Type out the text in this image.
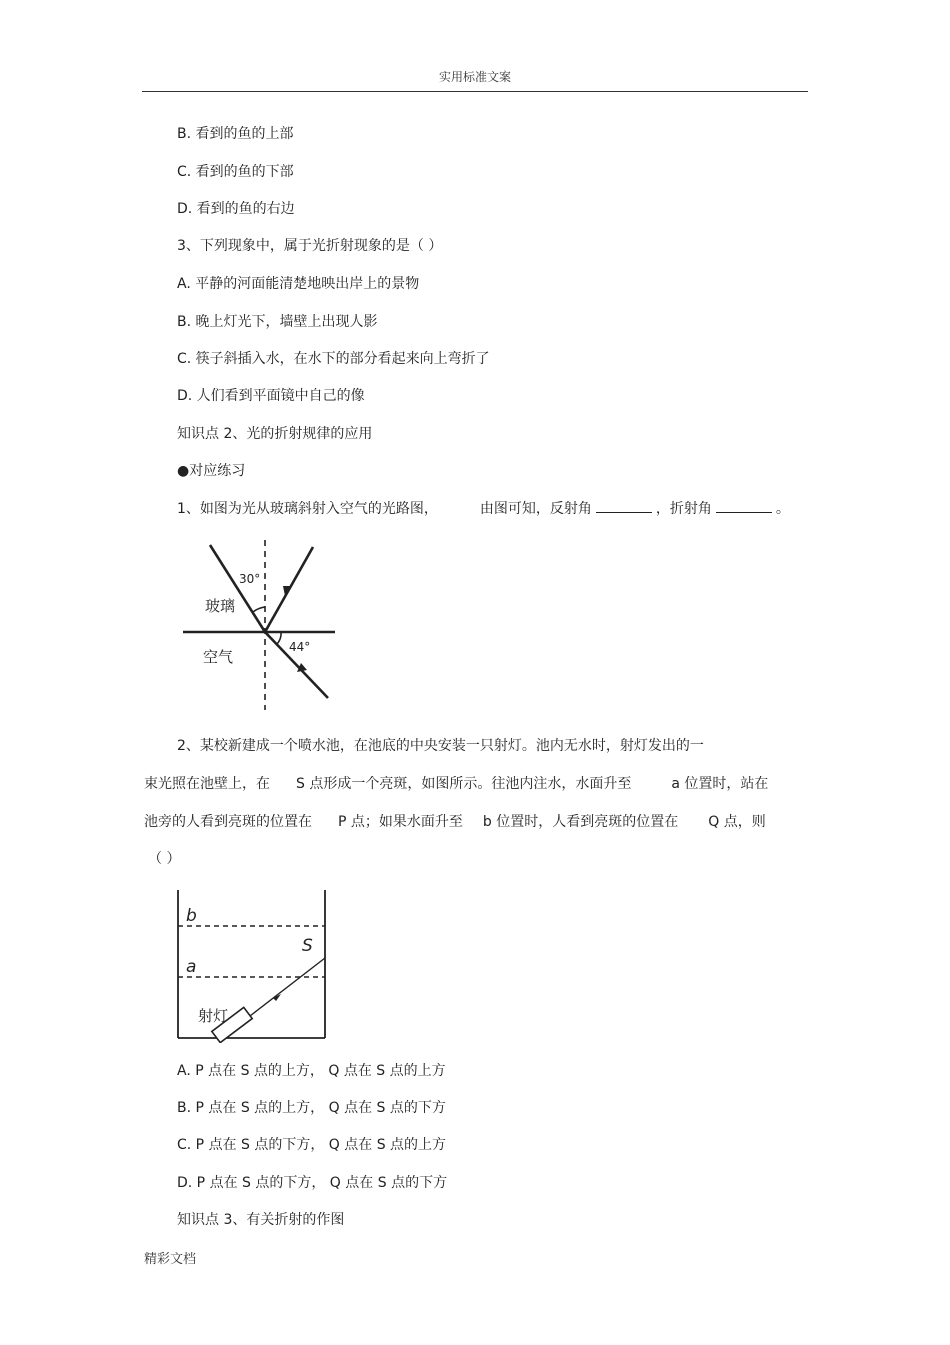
实用标准文案
B. 看到的鱼的上部
C. 看到的鱼的下部
D. 看到的鱼的右边
3、下列现象中，属于光折射现象的是（ ）
A. 平静的河面能清楚地映出岸上的景物
B. 晚上灯光下，墙壁上出现人影
C. 筷子斜插入水，在水下的部分看起来向上弯折了
D. 人们看到平面镜中自己的像
知识点 2、光的折射规律的应用
●对应练习
1、如图为光从玻璃斜射入空气的光路图，	由图可知，反射角	，折射角	。
30°
玻璃
空气
44°
2、某校新建成一个喷水池，在池底的中央安装一只射灯。池内无水时，射灯发出的一
束光照在池壁上，在 S 点形成一个亮斑，如图所示。往池内注水，水面升至	a 位置时，站在
池旁的人看到亮斑的位置在 P 点；如果水面升至 b 位置时，人看到亮斑的位置在 Q 点，则
（ ）
b
a
S
射灯
A. P 点在 S 点的上方， Q 点在 S 点的上方
B. P 点在 S 点的上方， Q 点在 S 点的下方
C. P 点在 S 点的下方， Q 点在 S 点的上方
D. P 点在 S 点的下方， Q 点在 S 点的下方
知识点 3、有关折射的作图
精彩文档
